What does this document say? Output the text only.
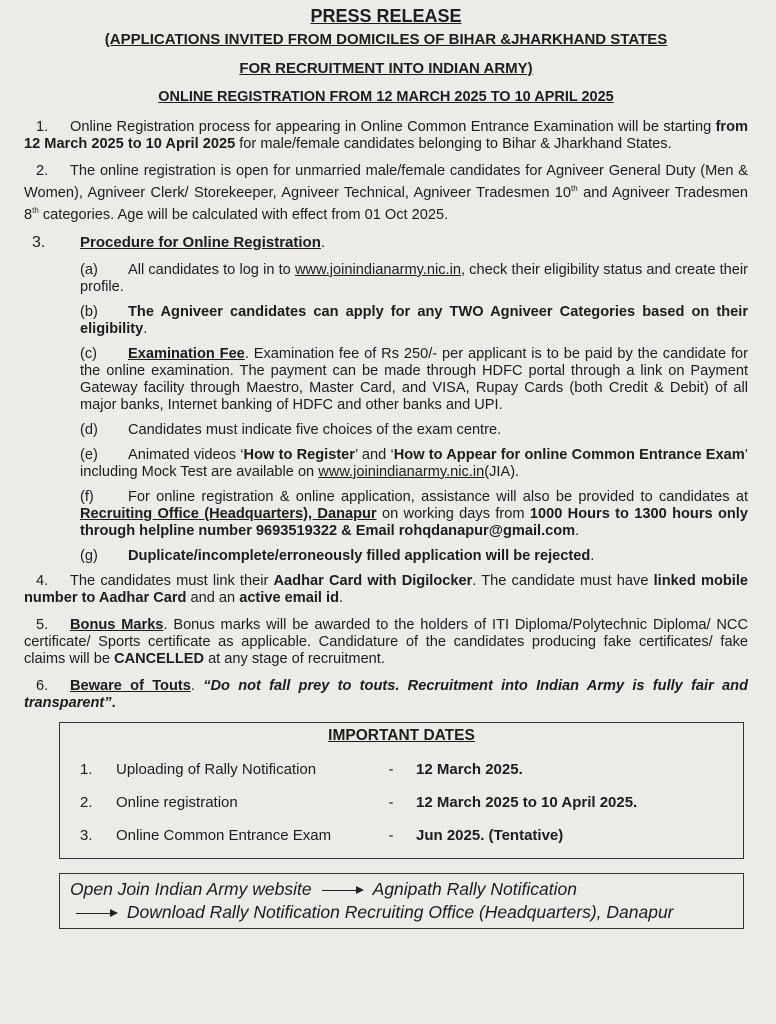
PRESS RELEASE
(APPLICATIONS INVITED FROM DOMICILES OF BIHAR &JHARKHAND STATES
FOR RECRUITMENT INTO INDIAN ARMY)
ONLINE REGISTRATION FROM 12 MARCH 2025 TO 10 APRIL 2025

1. Online Registration process for appearing in Online Common Entrance Examination will be starting from 12 March 2025 to 10 April 2025 for male/female candidates belonging to Bihar & Jharkhand States.

2. The online registration is open for unmarried male/female candidates for Agniveer General Duty (Men & Women), Agniveer Clerk/ Storekeeper, Agniveer Technical, Agniveer Tradesmen 10th and Agniveer Tradesmen 8th categories. Age will be calculated with effect from 01 Oct 2025.

3. Procedure for Online Registration.

(a) All candidates to log in to www.joinindianarmy.nic.in, check their eligibility status and create their profile.

(b) The Agniveer candidates can apply for any TWO Agniveer Categories based on their eligibility.

(c) Examination Fee. Examination fee of Rs 250/- per applicant is to be paid by the candidate for the online examination. The payment can be made through HDFC portal through a link on Payment Gateway facility through Maestro, Master Card, and VISA, Rupay Cards (both Credit & Debit) of all major banks, Internet banking of HDFC and other banks and UPI.

(d) Candidates must indicate five choices of the exam centre.

(e) Animated videos ‘How to Register’ and ‘How to Appear for online Common Entrance Exam’ including Mock Test are available on www.joinindianarmy.nic.in(JIA).

(f) For online registration & online application, assistance will also be provided to candidates at Recruiting Office (Headquarters), Danapur on working days from 1000 Hours to 1300 hours only through helpline number 9693519322 & Email rohqdanapur@gmail.com.

(g) Duplicate/incomplete/erroneously filled application will be rejected.

4. The candidates must link their Aadhar Card with Digilocker. The candidate must have linked mobile number to Aadhar Card and an active email id.

5. Bonus Marks. Bonus marks will be awarded to the holders of ITI Diploma/Polytechnic Diploma/ NCC certificate/ Sports certificate as applicable. Candidature of the candidates producing fake certificates/ fake claims will be CANCELLED at any stage of recruitment.

6. Beware of Touts. “Do not fall prey to touts. Recruitment into Indian Army is fully fair and transparent”.

IMPORTANT DATES
1.	Uploading of Rally Notification	-	12 March 2025.
2.	Online registration	-	12 March 2025 to 10 April 2025.
3.	Online Common Entrance Exam	-	Jun 2025. (Tentative)
Open Join Indian Army website	Agnipath Rally Notification
Download Rally Notification Recruiting Office (Headquarters), Danapur
